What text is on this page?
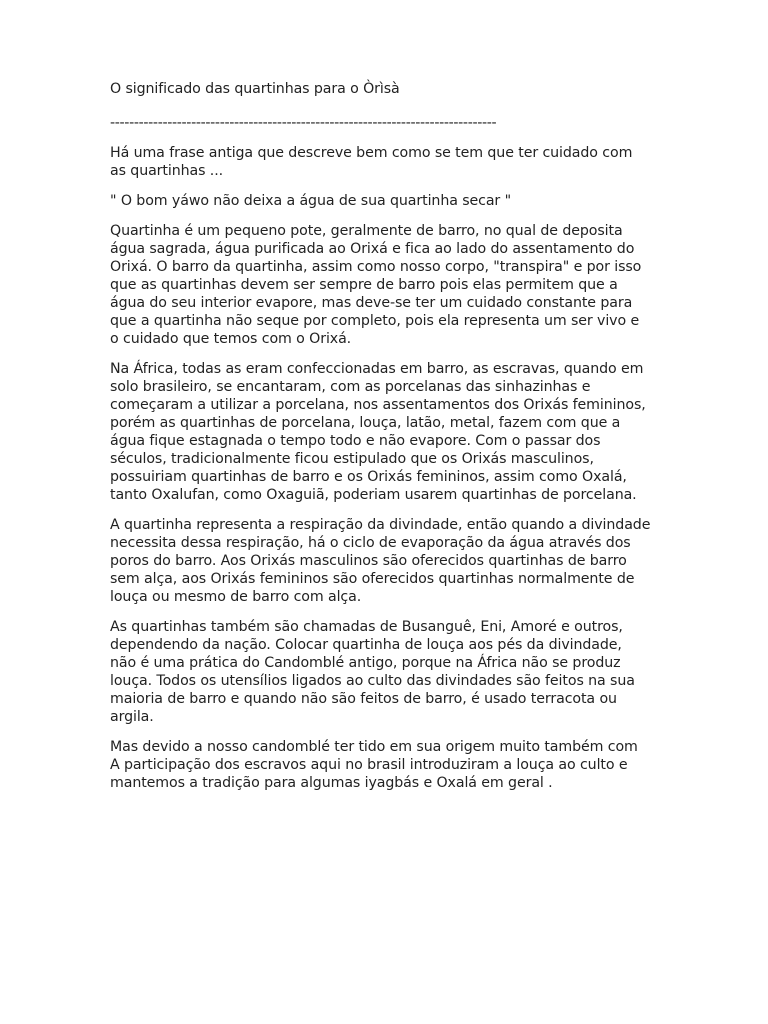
O significado das quartinhas para o Òrìsà

---------------------------------------------------------------------------------

Há uma frase antiga que descreve bem como se tem que ter cuidado com
as quartinhas ...

" O bom yáwo não deixa a água de sua quartinha secar "

Quartinha é um pequeno pote, geralmente de barro, no qual de deposita
água sagrada, água purificada ao Orixá e fica ao lado do assentamento do
Orixá. O barro da quartinha, assim como nosso corpo, "transpira" e por isso
que as quartinhas devem ser sempre de barro pois elas permitem que a
água do seu interior evapore, mas deve-se ter um cuidado constante para
que a quartinha não seque por completo, pois ela representa um ser vivo e
o cuidado que temos com o Orixá.

Na África, todas as eram confeccionadas em barro, as escravas, quando em
solo brasileiro, se encantaram, com as porcelanas das sinhazinhas e
começaram a utilizar a porcelana, nos assentamentos dos Orixás femininos,
porém as quartinhas de porcelana, louça, latão, metal, fazem com que a
água fique estagnada o tempo todo e não evapore. Com o passar dos
séculos, tradicionalmente ficou estipulado que os Orixás masculinos,
possuiriam quartinhas de barro e os Orixás femininos, assim como Oxalá,
tanto Oxalufan, como Oxaguiã, poderiam usarem quartinhas de porcelana.

A quartinha representa a respiração da divindade, então quando a divindade
necessita dessa respiração, há o ciclo de evaporação da água através dos
poros do barro. Aos Orixás masculinos são oferecidos quartinhas de barro
sem alça, aos Orixás femininos são oferecidos quartinhas normalmente de
louça ou mesmo de barro com alça.

As quartinhas também são chamadas de Busanguê, Eni, Amoré e outros,
dependendo da nação. Colocar quartinha de louça aos pés da divindade,
não é uma prática do Candomblé antigo, porque na África não se produz
louça. Todos os utensílios ligados ao culto das divindades são feitos na sua
maioria de barro e quando não são feitos de barro, é usado terracota ou
argila.

Mas devido a nosso candomblé ter tido em sua origem muito também com
A participação dos escravos aqui no brasil introduziram a louça ao culto e
mantemos a tradição para algumas iyagbás e Oxalá em geral .
